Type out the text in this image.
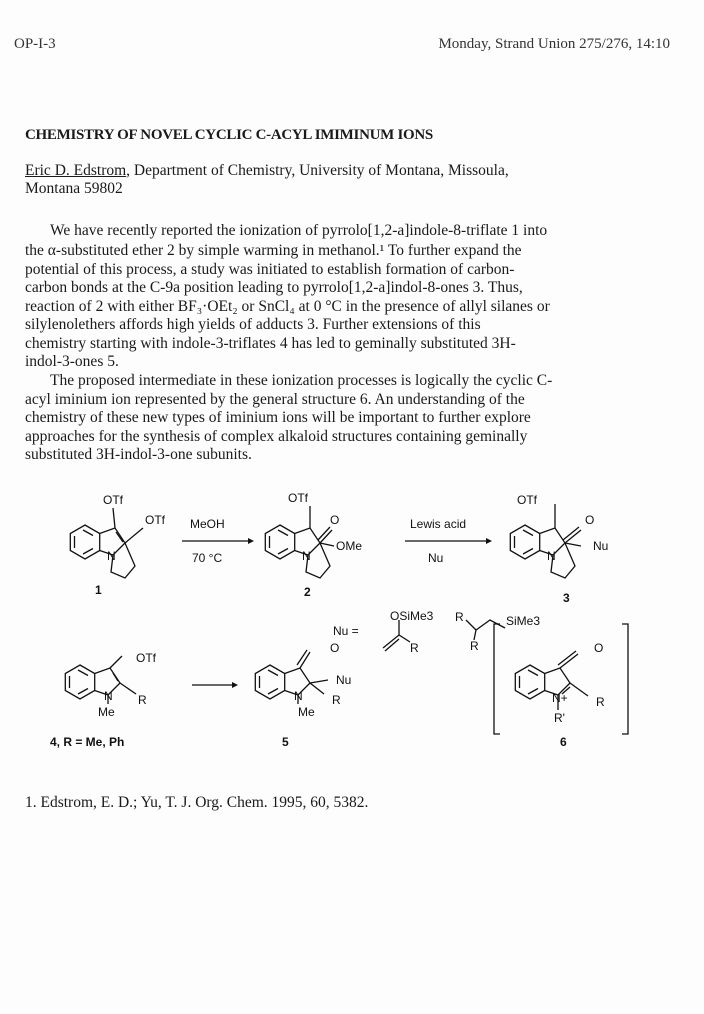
OP-I-3	Monday, Strand Union 275/276, 14:10
CHEMISTRY OF NOVEL CYCLIC C-ACYL IMIMINUM IONS
Eric D. Edstrom, Department of Chemistry, University of Montana, Missoula,
Montana 59802
We have recently reported the ionization of pyrrolo[1,2-a]indole-8-triflate 1 into
the α-substituted ether 2 by simple warming in methanol.¹ To further expand the
potential of this process, a study was initiated to establish formation of carbon-
carbon bonds at the C-9a position leading to pyrrolo[1,2-a]indol-8-ones 3. Thus,
reaction of 2 with either BF₃·OEt₂ or SnCl₄ at 0 °C in the presence of allyl silanes or
silylenolethers affords high yields of adducts 3. Further extensions of this
chemistry starting with indole-3-triflates 4 has led to geminally substituted 3H-
indol-3-ones 5.
The proposed intermediate in these ionization processes is logically the cyclic C-
acyl iminium ion represented by the general structure 6. An understanding of the
chemistry of these new types of iminium ions will be important to further explore
approaches for the synthesis of complex alkaloid structures containing geminally
substituted 3H-indol-3-one subunits.
OTf
OTf
N
1
MeOH
70 °C
OTf
O
OMe
N
2
Lewis acid
Nu
OTf
O
Nu
N
3
Nu =
OSiMe3
R
R	SiMe3
R
OTf
N R
Me
4, R = Me, Ph
O
Nu
N R
Me
5
O
N+ R
R'
6
1. Edstrom, E. D.; Yu, T. J. Org. Chem. 1995, 60, 5382.
